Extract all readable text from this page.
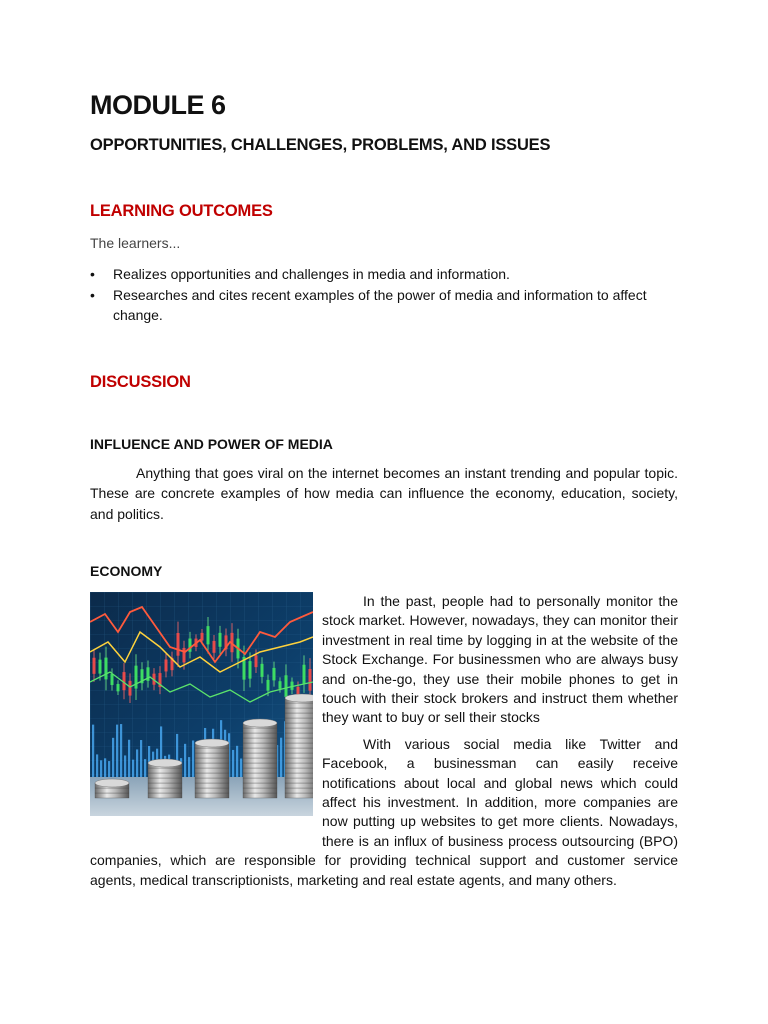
MODULE 6
OPPORTUNITIES, CHALLENGES, PROBLEMS, AND ISSUES
LEARNING OUTCOMES
The learners...
• Realizes opportunities and challenges in media and information.
• Researches and cites recent examples of the power of media and information to affect change.
DISCUSSION
INFLUENCE AND POWER OF MEDIA

Anything that goes viral on the internet becomes an instant trending and popular topic. These are concrete examples of how media can influence the economy, education, society, and politics.

ECONOMY

In the past, people had to personally monitor the stock market. However, nowadays, they can monitor their investment in real time by logging in at the website of the Stock Exchange. For businessmen who are always busy and on-the-go, they use their mobile phones to get in touch with their stock brokers and instruct them whether they want to buy or sell their stocks

With various social media like Twitter and Facebook, a businessman can easily receive notifications about local and global news which could affect his investment. In addition, more companies are now putting up websites to get more clients. Nowadays, there is an influx of business process outsourcing (BPO) companies, which are responsible for providing technical support and customer service agents, medical transcriptionists, marketing and real estate agents, and many others.
